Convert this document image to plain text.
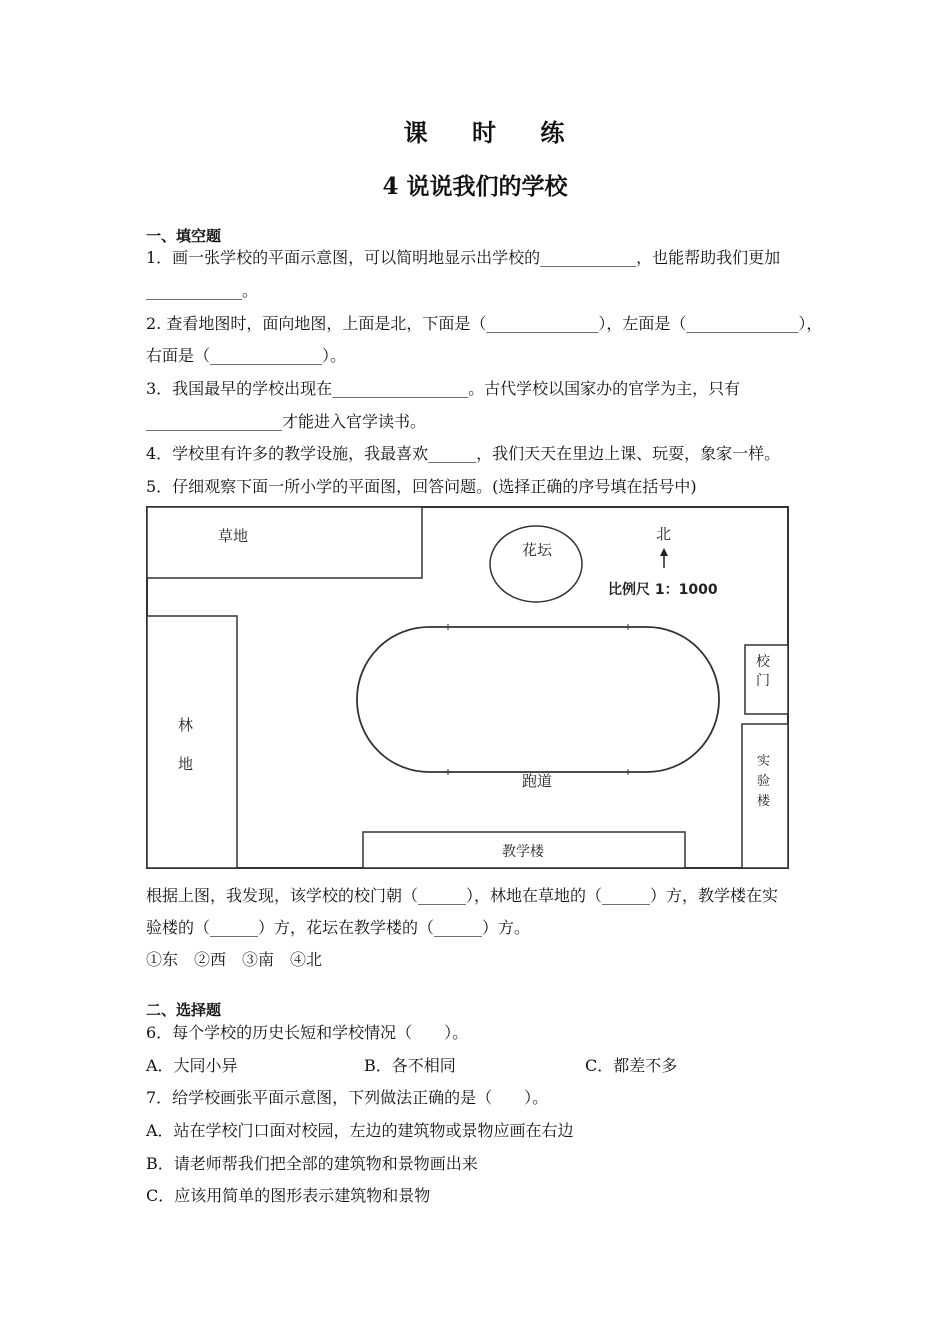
课 时 练
4 说说我们的学校
一、填空题
1．画一张学校的平面示意图，可以简明地显示出学校的____________，也能帮助我们更加
____________。
2. 查看地图时，面向地图，上面是北，下面是（______________），左面是（______________），
右面是（______________）。
3．我国最早的学校出现在_________________。古代学校以国家办的官学为主，只有
_________________才能进入官学读书。
4．学校里有许多的教学设施，我最喜欢______，我们天天在里边上课、玩耍，象家一样。
5．仔细观察下面一所小学的平面图，回答问题。(选择正确的序号填在括号中)
草地
花坛
北
比例尺 1：1000
林
地
跑道
校
门
实
验
楼
教学楼
根据上图，我发现，该学校的校门朝（______），林地在草地的（______）方，教学楼在实
验楼的（______）方，花坛在教学楼的（______）方。
①东　②西　③南　④北
二、选择题
6．每个学校的历史长短和学校情况（　　）。
A．大同小异	B．各不相同	C．都差不多
7．给学校画张平面示意图，下列做法正确的是（　　）。
A．站在学校门口面对校园，左边的建筑物或景物应画在右边
B．请老师帮我们把全部的建筑物和景物画出来
C．应该用简单的图形表示建筑物和景物
